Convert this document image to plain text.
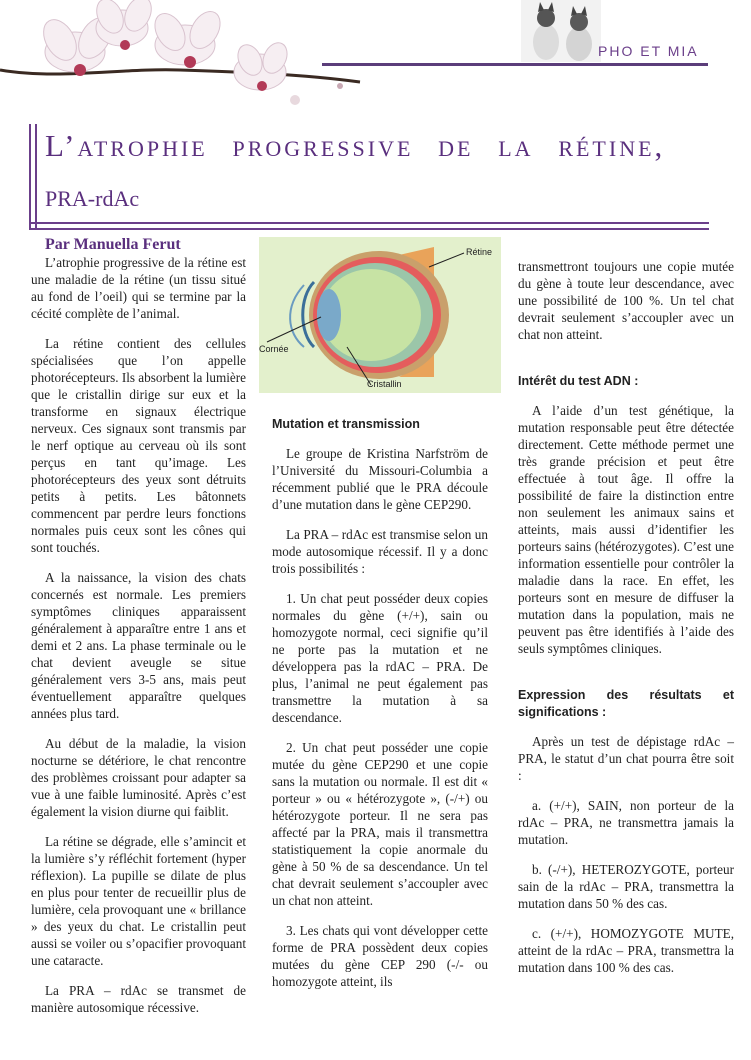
PHO ET MIA
L’atrophie progressive de la rétine,
PRA-rdAc
Par Manuella Ferut

L’atrophie progressive de la rétine est une maladie de la rétine (un tissu situé au fond de l’oeil) qui se termine par la cécité complète de l’animal.

La rétine contient des cellules spécialisées que l’on appelle photorécepteurs. Ils absorbent la lumière que le cristallin dirige sur eux et la transforme en signaux électrique nerveux. Ces signaux sont transmis par le nerf optique au cerveau où ils sont perçus en tant qu’image. Les photorécepteurs des yeux sont détruits petits à petits. Les bâtonnets commencent par perdre leurs fonctions normales puis ceux sont les cônes qui sont touchés.

A la naissance, la vision des chats concernés est normale. Les premiers symptômes cliniques apparaissent généralement à apparaître entre 1 ans et demi et 2 ans. La phase terminale ou le chat devient aveugle se situe généralement vers 3-5 ans, mais peut éventuellement apparaître quelques années plus tard.

Au début de la maladie, la vision nocturne se détériore, le chat rencontre des problèmes croissant pour adapter sa vue à une faible luminosité. Après c’est également la vision diurne qui faiblit.

La rétine se dégrade, elle s’amincit et la lumière s’y réfléchit fortement (hyper réflexion). La pupille se dilate de plus en plus pour tenter de recueillir plus de lumière, cela provoquant une « brillance » des yeux du chat. Le cristallin peut aussi se voiler ou s’opacifier provoquant une cataracte.

La PRA – rdAc se transmet de manière autosomique récessive.

Rétine
Cornée
Cristallin
Mutation et transmission

Le groupe de Kristina Narfström de l’Université du Missouri-Columbia a récemment publié que le PRA découle d’une mutation dans le gène CEP290.

La PRA – rdAc est transmise selon un mode autosomique récessif. Il y a donc trois possibilités :

1. Un chat peut posséder deux copies normales du gène (+/+), sain ou homozygote normal, ceci signifie qu’il ne porte pas la mutation et ne développera pas la rdAC – PRA. De plus, l’animal ne peut également pas transmettre la mutation à sa descendance.

2. Un chat peut posséder une copie mutée du gène CEP290 et une copie sans la mutation ou normale. Il est dit « porteur » ou « hétérozygote », (-/+) ou hétérozygote porteur. Il ne sera pas affecté par la PRA, mais il transmettra statistiquement la copie anormale du gène à 50 % de sa descendance. Un tel chat devrait seulement s’accoupler avec un chat non atteint.

3. Les chats qui vont développer cette forme de PRA possèdent deux copies mutées du gène CEP 290 (-/- ou homozygote atteint, ils

transmettront toujours une copie mutée du gène à toute leur descendance, avec une possibilité de 100 %. Un tel chat devrait seulement s’accoupler avec un chat non atteint.

Intérêt du test ADN :

A l’aide d’un test génétique, la mutation responsable peut être détectée directement. Cette méthode permet une très grande précision et peut être effectuée à tout âge. Il offre la possibilité de faire la distinction entre non seulement les animaux sains et atteints, mais aussi d’identifier les porteurs sains (hétérozygotes). C’est une information essentielle pour contrôler la maladie dans la race. En effet, les porteurs sont en mesure de diffuser la mutation dans la population, mais ne peuvent pas être identifiés à l’aide des seuls symptômes cliniques.

Expression des résultats et significations :

Après un test de dépistage rdAc – PRA, le statut d’un chat pourra être soit :

a. (+/+), SAIN, non porteur de la rdAc – PRA, ne transmettra jamais la mutation.

b. (-/+), HETEROZYGOTE, porteur sain de la rdAc – PRA, transmettra la mutation dans 50 % des cas.

c. (+/+), HOMOZYGOTE MUTE, atteint de la rdAc – PRA, transmettra la mutation dans 100 % des cas.
